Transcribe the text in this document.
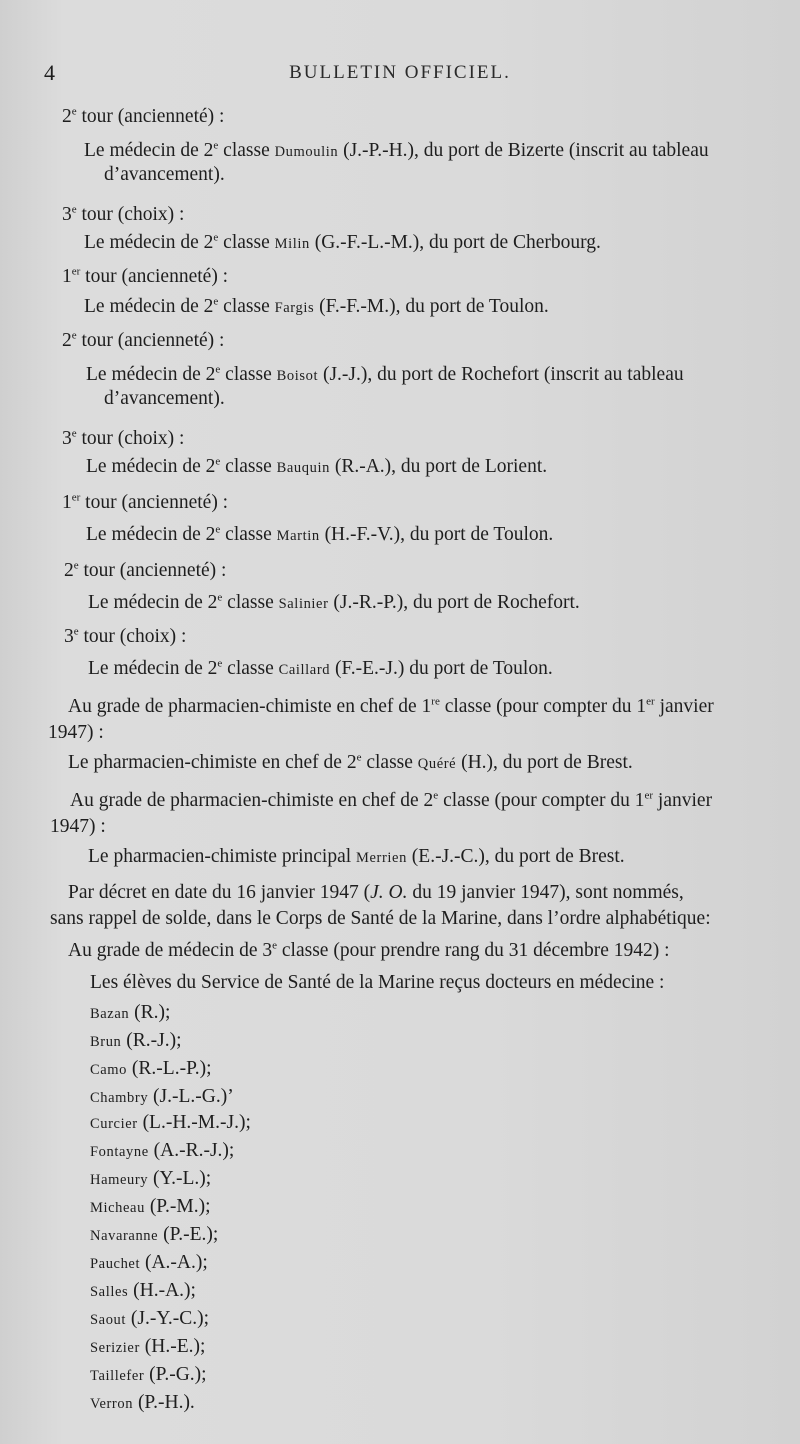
4	BULLETIN OFFICIEL.
2e tour (ancienneté) :
Le médecin de 2e classe Dumoulin (J.-P.-H.), du port de Bizerte (inscrit au tableau
d’avancement).
3e tour (choix) :
Le médecin de 2e classe Milin (G.-F.-L.-M.), du port de Cherbourg.
1er tour (ancienneté) :
Le médecin de 2e classe Fargis (F.-F.-M.), du port de Toulon.
2e tour (ancienneté) :
Le médecin de 2e classe Boisot (J.-J.), du port de Rochefort (inscrit au tableau
d’avancement).
3e tour (choix) :
Le médecin de 2e classe Bauquin (R.-A.), du port de Lorient.
1er tour (ancienneté) :
Le médecin de 2e classe Martin (H.-F.-V.), du port de Toulon.
2e tour (ancienneté) :
Le médecin de 2e classe Salinier (J.-R.-P.), du port de Rochefort.
3e tour (choix) :
Le médecin de 2e classe Caillard (F.-E.-J.) du port de Toulon.
Au grade de pharmacien-chimiste en chef de 1re classe (pour compter du 1er janvier
1947) :
Le pharmacien-chimiste en chef de 2e classe Quéré (H.), du port de Brest.
Au grade de pharmacien-chimiste en chef de 2e classe (pour compter du 1er janvier
1947) :
Le pharmacien-chimiste principal Merrien (E.-J.-C.), du port de Brest.
Par décret en date du 16 janvier 1947 (J. O. du 19 janvier 1947), sont nommés,
sans rappel de solde, dans le Corps de Santé de la Marine, dans l’ordre alphabétique:
Au grade de médecin de 3e classe (pour prendre rang du 31 décembre 1942) :
Les élèves du Service de Santé de la Marine reçus docteurs en médecine :
Bazan (R.);
Brun (R.-J.);
Camo (R.-L.-P.);
Chambry (J.-L.-G.)’
Curcier (L.-H.-M.-J.);
Fontayne (A.-R.-J.);
Hameury (Y.-L.);
Micheau (P.-M.);
Navaranne (P.-E.);
Pauchet (A.-A.);
Salles (H.-A.);
Saout (J.-Y.-C.);
Serizier (H.-E.);
Taillefer (P.-G.);
Verron (P.-H.).
